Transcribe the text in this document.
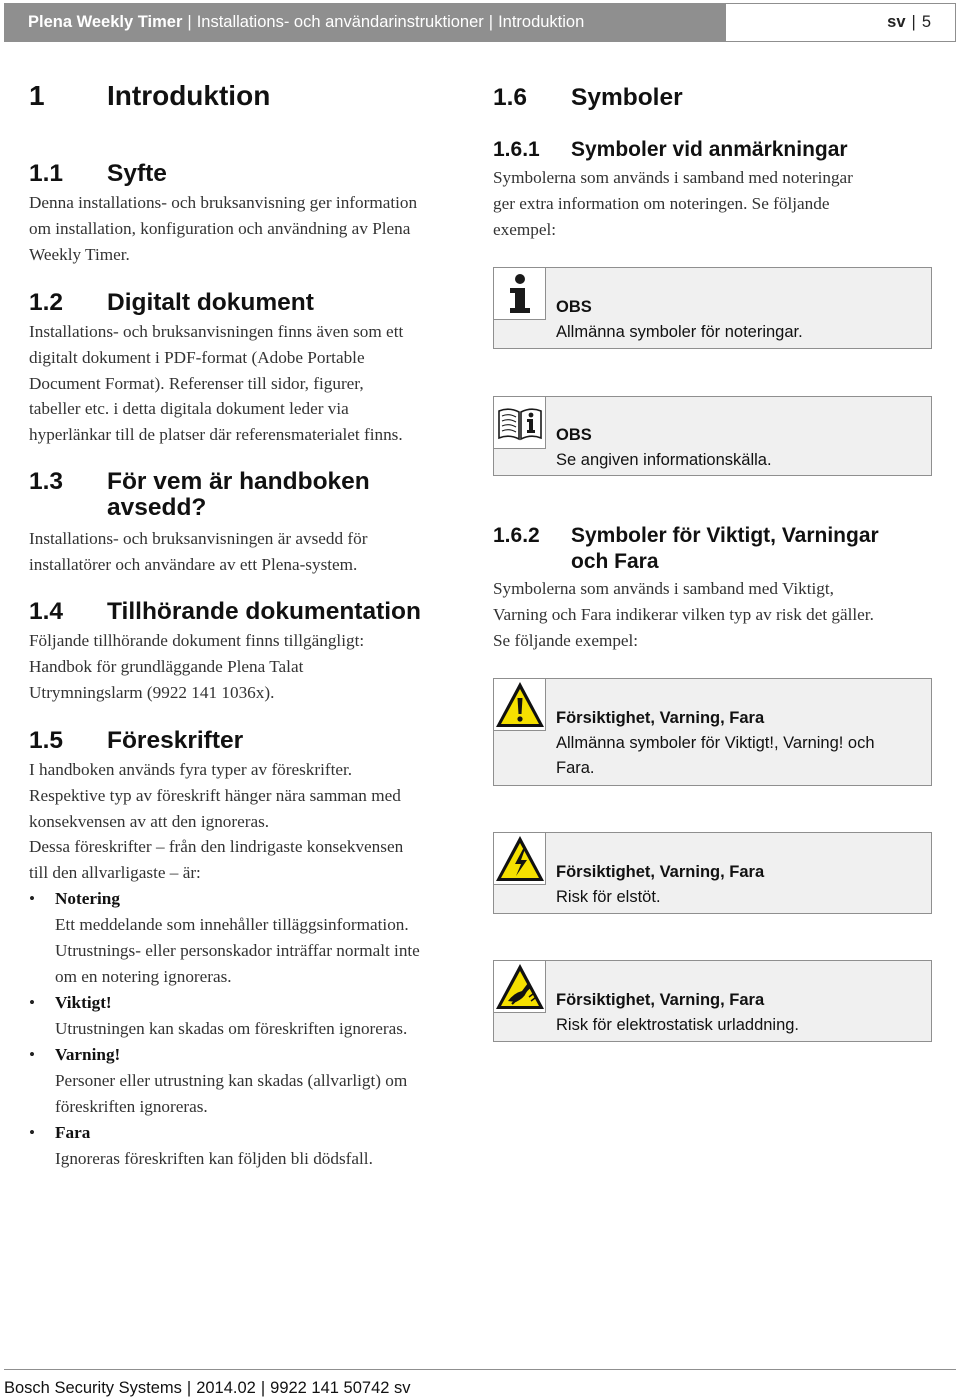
Plena Weekly Timer | Installations- och användarinstruktioner | Introduktion	sv | 5
1 Introduktion
1.1 Syfte
Denna installations- och bruksanvisning ger information
om installation, konfiguration och användning av Plena
Weekly Timer.
1.2 Digitalt dokument
Installations- och bruksanvisningen finns även som ett
digitalt dokument i PDF-format (Adobe Portable
Document Format). Referenser till sidor, figurer,
tabeller etc. i detta digitala dokument leder via
hyperlänkar till de platser där referensmaterialet finns.
1.3 För vem är handboken
avsedd?
Installations- och bruksanvisningen är avsedd för
installatörer och användare av ett Plena-system.
1.4 Tillhörande dokumentation
Följande tillhörande dokument finns tillgängligt:
Handbok för grundläggande Plena Talat
Utrymningslarm (9922 141 1036x).
1.5 Föreskrifter
I handboken används fyra typer av föreskrifter.
Respektive typ av föreskrift hänger nära samman med
konsekvensen av att den ignoreras.
Dessa föreskrifter – från den lindrigaste konsekvensen
till den allvarligaste – är:
• Notering
Ett meddelande som innehåller tilläggsinformation.
Utrustnings- eller personskador inträffar normalt inte
om en notering ignoreras.
• Viktigt!
Utrustningen kan skadas om föreskriften ignoreras.
• Varning!
Personer eller utrustning kan skadas (allvarligt) om
föreskriften ignoreras.
• Fara
Ignoreras föreskriften kan följden bli dödsfall.
1.6 Symboler
1.6.1 Symboler vid anmärkningar
Symbolerna som används i samband med noteringar
ger extra information om noteringen. Se följande
exempel:
1.6.2 Symboler för Viktigt, Varningar
och Fara
Symbolerna som används i samband med Viktigt,
Varning och Fara indikerar vilken typ av risk det gäller.
Se följande exempel:
OBS
Allmänna symboler för noteringar.
OBS
Se angiven informationskälla.
Försiktighet, Varning, Fara
Allmänna symboler för Viktigt!, Varning! och
Fara.
Försiktighet, Varning, Fara
Risk för elstöt.
Försiktighet, Varning, Fara
Risk för elektrostatisk urladdning.
Bosch Security Systems | 2014.02 | 9922 141 50742 sv
